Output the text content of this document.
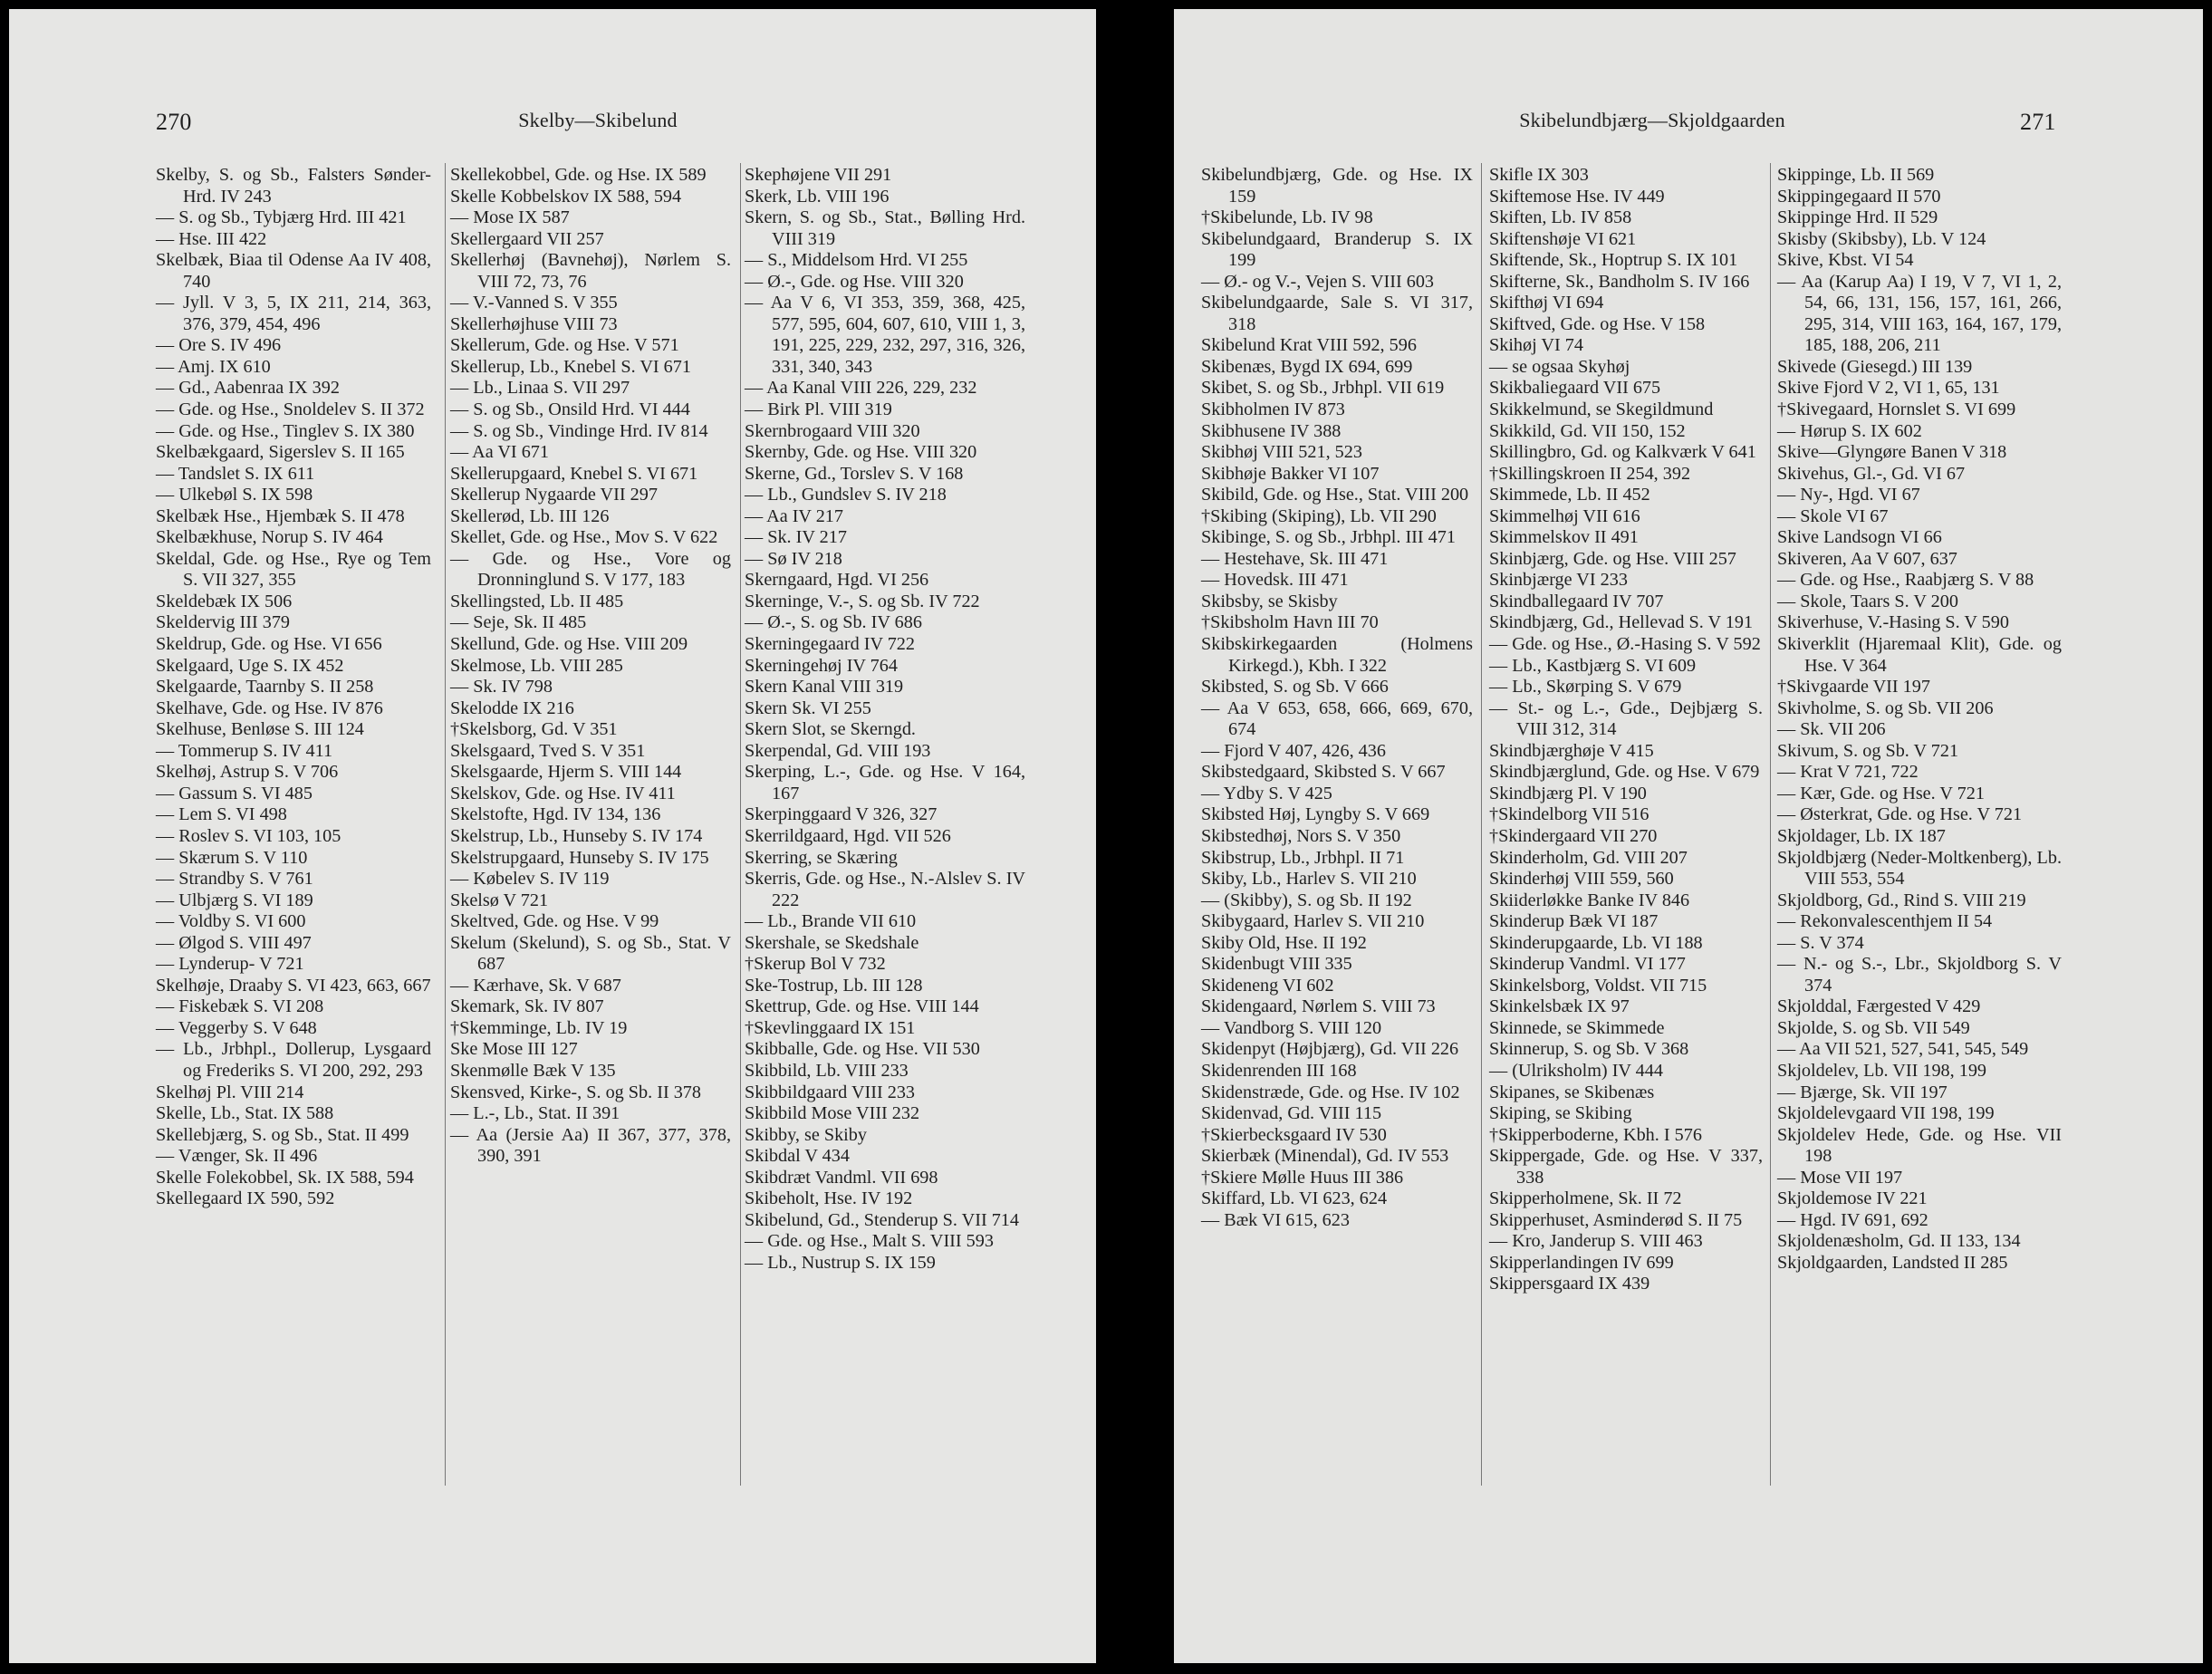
270	Skelby—Skibelund
Skelby, S. og Sb., Falsters Sønder-Hrd. IV 243
— S. og Sb., Tybjærg Hrd. III 421
— Hse. III 422
Skelbæk, Biaa til Odense Aa IV 408, 740
— Jyll. V 3, 5, IX 211, 214, 363, 376, 379, 454, 496
— Ore S. IV 496
— Amj. IX 610
— Gd., Aabenraa IX 392
— Gde. og Hse., Snoldelev S. II 372
— Gde. og Hse., Tinglev S. IX 380
Skelbækgaard, Sigerslev S. II 165
— Tandslet S. IX 611
— Ulkebøl S. IX 598
Skelbæk Hse., Hjembæk S. II 478
Skelbækhuse, Norup S. IV 464
Skeldal, Gde. og Hse., Rye og Tem S. VII 327, 355
Skeldebæk IX 506
Skeldervig III 379
Skeldrup, Gde. og Hse. VI 656
Skelgaard, Uge S. IX 452
Skelgaarde, Taarnby S. II 258
Skelhave, Gde. og Hse. IV 876
Skelhuse, Benløse S. III 124
— Tommerup S. IV 411
Skelhøj, Astrup S. V 706
— Gassum S. VI 485
— Lem S. VI 498
— Roslev S. VI 103, 105
— Skærum S. V 110
— Strandby S. V 761
— Ulbjærg S. VI 189
— Voldby S. VI 600
— Ølgod S. VIII 497
— Lynderup- V 721
Skelhøje, Draaby S. VI 423, 663, 667
— Fiskebæk S. VI 208
— Veggerby S. V 648
— Lb., Jrbhpl., Dollerup, Lysgaard og Frederiks S. VI 200, 292, 293
Skelhøj Pl. VIII 214
Skelle, Lb., Stat. IX 588
Skellebjærg, S. og Sb., Stat. II 499
— Vænger, Sk. II 496
Skelle Folekobbel, Sk. IX 588, 594
Skellegaard IX 590, 592
Skellekobbel, Gde. og Hse. IX 589
Skelle Kobbelskov IX 588, 594
— Mose IX 587
Skellergaard VII 257
Skellerhøj (Bavnehøj), Nørlem S. VIII 72, 73, 76
— V.-Vanned S. V 355
Skellerhøjhuse VIII 73
Skellerum, Gde. og Hse. V 571
Skellerup, Lb., Knebel S. VI 671
— Lb., Linaa S. VII 297
— S. og Sb., Onsild Hrd. VI 444
— S. og Sb., Vindinge Hrd. IV 814
— Aa VI 671
Skellerupgaard, Knebel S. VI 671
Skellerup Nygaarde VII 297
Skellerød, Lb. III 126
Skellet, Gde. og Hse., Mov S. V 622
— Gde. og Hse., Vore og Dronninglund S. V 177, 183
Skellingsted, Lb. II 485
— Seje, Sk. II 485
Skellund, Gde. og Hse. VIII 209
Skelmose, Lb. VIII 285
— Sk. IV 798
Skelodde IX 216
†Skelsborg, Gd. V 351
Skelsgaard, Tved S. V 351
Skelsgaarde, Hjerm S. VIII 144
Skelskov, Gde. og Hse. IV 411
Skelstofte, Hgd. IV 134, 136
Skelstrup, Lb., Hunseby S. IV 174
Skelstrupgaard, Hunseby S. IV 175
— Købelev S. IV 119
Skelsø V 721
Skeltved, Gde. og Hse. V 99
Skelum (Skelund), S. og Sb., Stat. V 687
— Kærhave, Sk. V 687
Skemark, Sk. IV 807
†Skemminge, Lb. IV 19
Ske Mose III 127
Skenmølle Bæk V 135
Skensved, Kirke-, S. og Sb. II 378
— L.-, Lb., Stat. II 391
— Aa (Jersie Aa) II 367, 377, 378, 390, 391
Skephøjene VII 291
Skerk, Lb. VIII 196
Skern, S. og Sb., Stat., Bølling Hrd. VIII 319
— S., Middelsom Hrd. VI 255
— Ø.-, Gde. og Hse. VIII 320
— Aa V 6, VI 353, 359, 368, 425, 577, 595, 604, 607, 610, VIII 1, 3, 191, 225, 229, 232, 297, 316, 326, 331, 340, 343
— Aa Kanal VIII 226, 229, 232
— Birk Pl. VIII 319
Skernbrogaard VIII 320
Skernby, Gde. og Hse. VIII 320
Skerne, Gd., Torslev S. V 168
— Lb., Gundslev S. IV 218
— Aa IV 217
— Sk. IV 217
— Sø IV 218
Skerngaard, Hgd. VI 256
Skerninge, V.-, S. og Sb. IV 722
— Ø.-, S. og Sb. IV 686
Skerningegaard IV 722
Skerningehøj IV 764
Skern Kanal VIII 319
Skern Sk. VI 255
Skern Slot, se Skerngd.
Skerpendal, Gd. VIII 193
Skerping, L.-, Gde. og Hse. V 164, 167
Skerpinggaard V 326, 327
Skerrildgaard, Hgd. VII 526
Skerring, se Skæring
Skerris, Gde. og Hse., N.-Alslev S. IV 222
— Lb., Brande VII 610
Skershale, se Skedshale
†Skerup Bol V 732
Ske-Tostrup, Lb. III 128
Skettrup, Gde. og Hse. VIII 144
†Skevlinggaard IX 151
Skibballe, Gde. og Hse. VII 530
Skibbild, Lb. VIII 233
Skibbildgaard VIII 233
Skibbild Mose VIII 232
Skibby, se Skiby
Skibdal V 434
Skibdræt Vandml. VII 698
Skibeholt, Hse. IV 192
Skibelund, Gd., Stenderup S. VII 714
— Gde. og Hse., Malt S. VIII 593
— Lb., Nustrup S. IX 159
Skibelundbjærg—Skjoldgaarden	271
Skibelundbjærg, Gde. og Hse. IX 159
†Skibelunde, Lb. IV 98
Skibelundgaard, Branderup S. IX 199
— Ø.- og V.-, Vejen S. VIII 603
Skibelundgaarde, Sale S. VI 317, 318
Skibelund Krat VIII 592, 596
Skibenæs, Bygd IX 694, 699
Skibet, S. og Sb., Jrbhpl. VII 619
Skibholmen IV 873
Skibhusene IV 388
Skibhøj VIII 521, 523
Skibhøje Bakker VI 107
Skibild, Gde. og Hse., Stat. VIII 200
†Skibing (Skiping), Lb. VII 290
Skibinge, S. og Sb., Jrbhpl. III 471
— Hestehave, Sk. III 471
— Hovedsk. III 471
Skibsby, se Skisby
†Skibsholm Havn III 70
Skibskirkegaarden (Holmens Kirkegd.), Kbh. I 322
Skibsted, S. og Sb. V 666
— Aa V 653, 658, 666, 669, 670, 674
— Fjord V 407, 426, 436
Skibstedgaard, Skibsted S. V 667
— Ydby S. V 425
Skibsted Høj, Lyngby S. V 669
Skibstedhøj, Nors S. V 350
Skibstrup, Lb., Jrbhpl. II 71
Skiby, Lb., Harlev S. VII 210
— (Skibby), S. og Sb. II 192
Skibygaard, Harlev S. VII 210
Skiby Old, Hse. II 192
Skidenbugt VIII 335
Skideneng VI 602
Skidengaard, Nørlem S. VIII 73
— Vandborg S. VIII 120
Skidenpyt (Højbjærg), Gd. VII 226
Skidenrenden III 168
Skidenstræde, Gde. og Hse. IV 102
Skidenvad, Gd. VIII 115
†Skierbecksgaard IV 530
Skierbæk (Minendal), Gd. IV 553
†Skiere Mølle Huus III 386
Skiffard, Lb. VI 623, 624
— Bæk VI 615, 623
Skifle IX 303
Skiftemose Hse. IV 449
Skiften, Lb. IV 858
Skiftenshøje VI 621
Skiftende, Sk., Hoptrup S. IX 101
Skifterne, Sk., Bandholm S. IV 166
Skifthøj VI 694
Skiftved, Gde. og Hse. V 158
Skihøj VI 74
— se ogsaa Skyhøj
Skikbaliegaard VII 675
Skikkelmund, se Skegildmund
Skikkild, Gd. VII 150, 152
Skillingbro, Gd. og Kalkværk V 641
†Skillingskroen II 254, 392
Skimmede, Lb. II 452
Skimmelhøj VII 616
Skimmelskov II 491
Skinbjærg, Gde. og Hse. VIII 257
Skinbjærge VI 233
Skindballegaard IV 707
Skindbjærg, Gd., Hellevad S. V 191
— Gde. og Hse., Ø.-Hasing S. V 592
— Lb., Kastbjærg S. VI 609
— Lb., Skørping S. V 679
— St.- og L.-, Gde., Dejbjærg S. VIII 312, 314
Skindbjærghøje V 415
Skindbjærglund, Gde. og Hse. V 679
Skindbjærg Pl. V 190
†Skindelborg VII 516
†Skindergaard VII 270
Skinderholm, Gd. VIII 207
Skinderhøj VIII 559, 560
Skiiderløkke Banke IV 846
Skinderup Bæk VI 187
Skinderupgaarde, Lb. VI 188
Skinderup Vandml. VI 177
Skinkelsborg, Voldst. VII 715
Skinkelsbæk IX 97
Skinnede, se Skimmede
Skinnerup, S. og Sb. V 368
— (Ulriksholm) IV 444
Skipanes, se Skibenæs
Skiping, se Skibing
†Skipperboderne, Kbh. I 576
Skippergade, Gde. og Hse. V 337, 338
Skipperholmene, Sk. II 72
Skipperhuset, Asminderød S. II 75
— Kro, Janderup S. VIII 463
Skipperlandingen IV 699
Skippersgaard IX 439
Skippinge, Lb. II 569
Skippingegaard II 570
Skippinge Hrd. II 529
Skisby (Skibsby), Lb. V 124
Skive, Kbst. VI 54
— Aa (Karup Aa) I 19, V 7, VI 1, 2, 54, 66, 131, 156, 157, 161, 266, 295, 314, VIII 163, 164, 167, 179, 185, 188, 206, 211
Skivede (Giesegd.) III 139
Skive Fjord V 2, VI 1, 65, 131
†Skivegaard, Hornslet S. VI 699
— Hørup S. IX 602
Skive—Glyngøre Banen V 318
Skivehus, Gl.-, Gd. VI 67
— Ny-, Hgd. VI 67
— Skole VI 67
Skive Landsogn VI 66
Skiveren, Aa V 607, 637
— Gde. og Hse., Raabjærg S. V 88
— Skole, Taars S. V 200
Skiverhuse, V.-Hasing S. V 590
Skiverklit (Hjaremaal Klit), Gde. og Hse. V 364
†Skivgaarde VII 197
Skivholme, S. og Sb. VII 206
— Sk. VII 206
Skivum, S. og Sb. V 721
— Krat V 721, 722
— Kær, Gde. og Hse. V 721
— Østerkrat, Gde. og Hse. V 721
Skjoldager, Lb. IX 187
Skjoldbjærg (Neder-Moltkenberg), Lb. VIII 553, 554
Skjoldborg, Gd., Rind S. VIII 219
— Rekonvalescenthjem II 54
— S. V 374
— N.- og S.-, Lbr., Skjoldborg S. V 374
Skjolddal, Færgested V 429
Skjolde, S. og Sb. VII 549
— Aa VII 521, 527, 541, 545, 549
Skjoldelev, Lb. VII 198, 199
— Bjærge, Sk. VII 197
Skjoldelevgaard VII 198, 199
Skjoldelev Hede, Gde. og Hse. VII 198
— Mose VII 197
Skjoldemose IV 221
— Hgd. IV 691, 692
Skjoldenæsholm, Gd. II 133, 134
Skjoldgaarden, Landsted II 285
